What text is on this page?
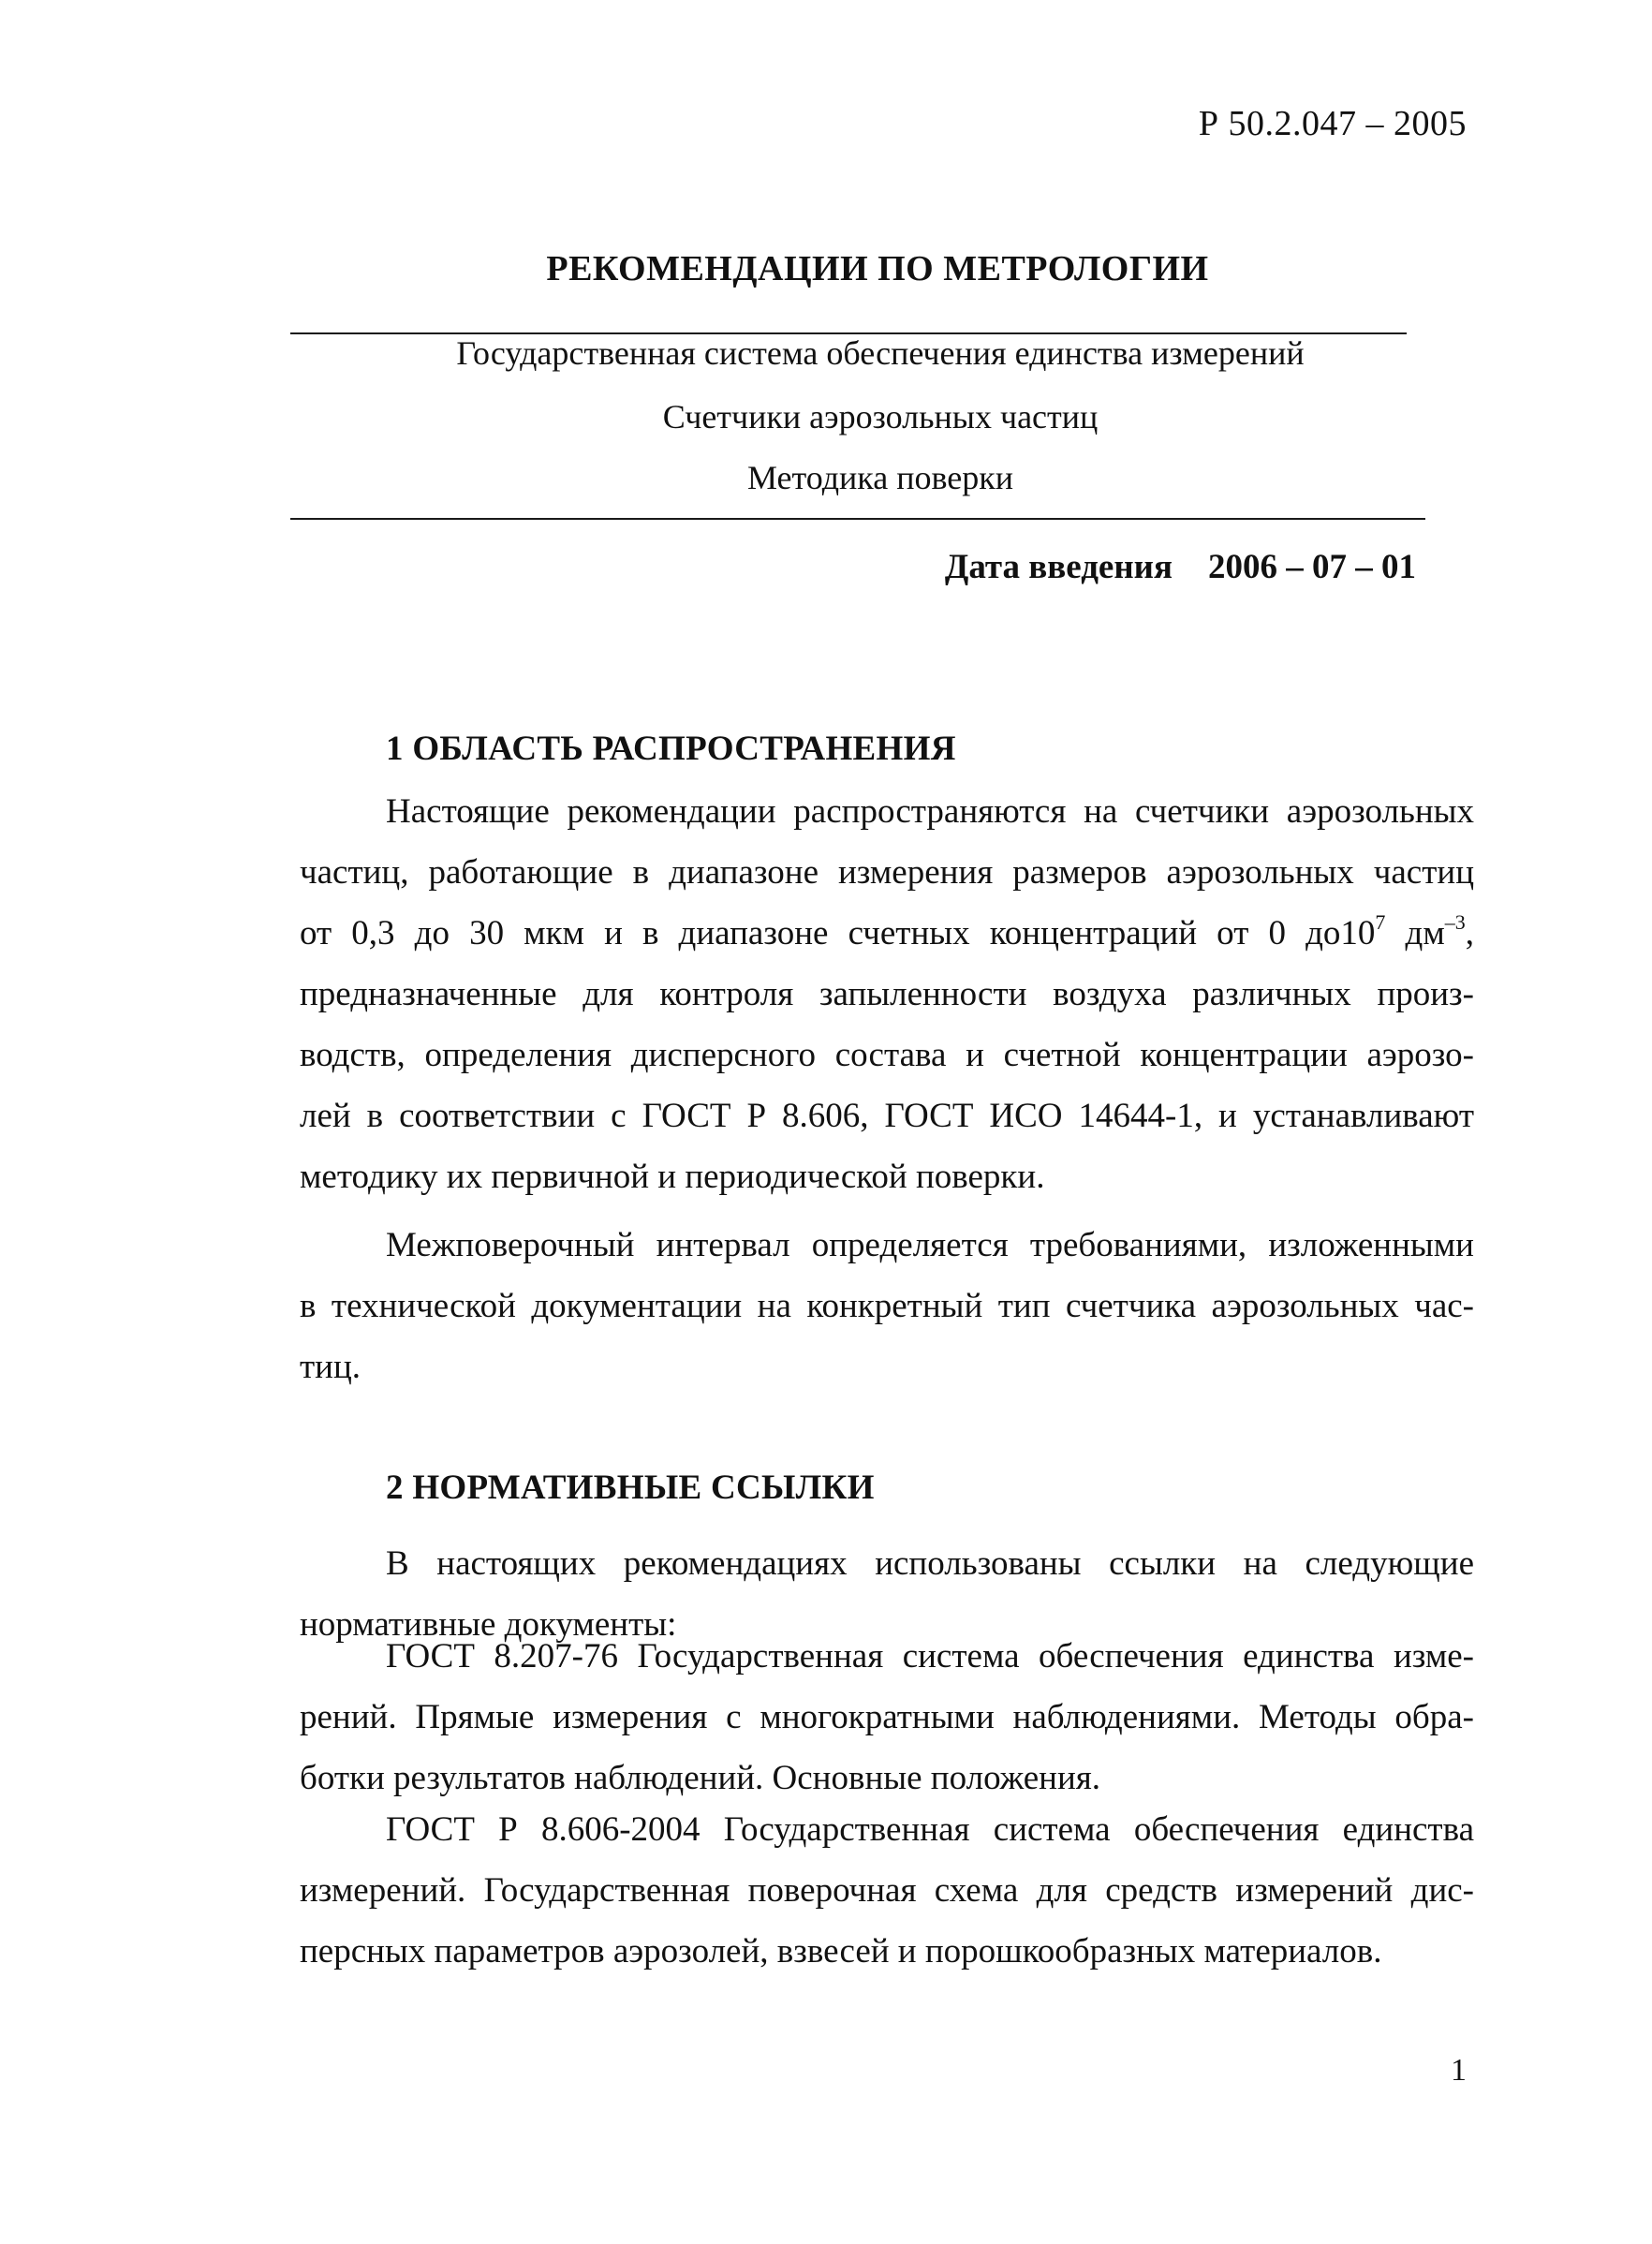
Р 50.2.047 – 2005
РЕКОМЕНДАЦИИ ПО МЕТРОЛОГИИ
Государственная система обеспечения единства измерений
Счетчики аэрозольных частиц
Методика поверки
Дата введения 2006 – 07 – 01
1 ОБЛАСТЬ РАСПРОСТРАНЕНИЯ
Настоящие рекомендации распространяются на счетчики аэрозольных
частиц, работающие в диапазоне измерения размеров аэрозольных частиц
от 0,3 до 30 мкм и в диапазоне счетных концентраций от 0 $до10^7$ $дм^{-3}$,
предназначенные для контроля запыленности воздуха различных произ-
водств, определения дисперсного состава и счетной концентрации аэрозо-
лей в соответствии с ГОСТ Р 8.606, ГОСТ ИСО 14644-1, и устанавливают
методику их первичной и периодической поверки.
Межповерочный интервал определяется требованиями, изложенными
в технической документации на конкретный тип счетчика аэрозольных час-
тиц.
2 НОРМАТИВНЫЕ ССЫЛКИ
В настоящих рекомендациях использованы ссылки на следующие
нормативные документы:
ГОСТ 8.207-76 Государственная система обеспечения единства изме-
рений. Прямые измерения с многократными наблюдениями. Методы обра-
ботки результатов наблюдений. Основные положения.
ГОСТ Р 8.606-2004 Государственная система обеспечения единства
измерений. Государственная поверочная схема для средств измерений дис-
персных параметров аэрозолей, взвесей и порошкообразных материалов.
1
